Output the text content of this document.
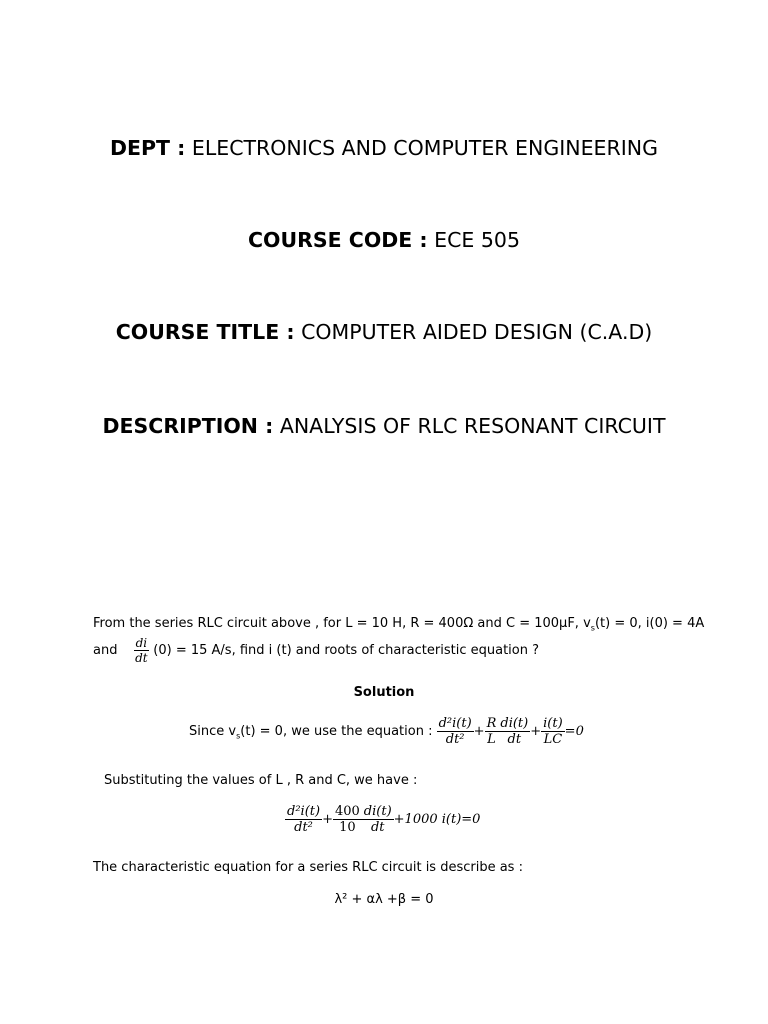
DEPT : ELECTRONICS AND COMPUTER ENGINEERING
COURSE CODE : ECE 505
COURSE TITLE : COMPUTER AIDED DESIGN (C.A.D)
DESCRIPTION : ANALYSIS OF RLC RESONANT CIRCUIT
From the series RLC circuit above , for L = 10 H, R = 400Ω and C = 100μF, $v_s(t) = 0$, i(0) = 4A
and $\frac{di}{dt} (0) = 15$ A/s, find i (t) and roots of characteristic equation ?
Solution
Since $v_s(t) = 0$, we use the equation : $\frac{\text{d²i(t)}}{\text{dt²}} + \frac{R}{L} \frac{di(t)}{dt} + \frac{i(t)}{LC} =0$
Substituting the values of L , R and C, we have :
$\frac{\text{d²i(t)}}{\text{dt²}} + \frac{400}{10} \frac{di(t)}{dt} +1000$ i(t)=0
The characteristic equation for a series RLC circuit is describe as :
λ² + αλ +β = 0
